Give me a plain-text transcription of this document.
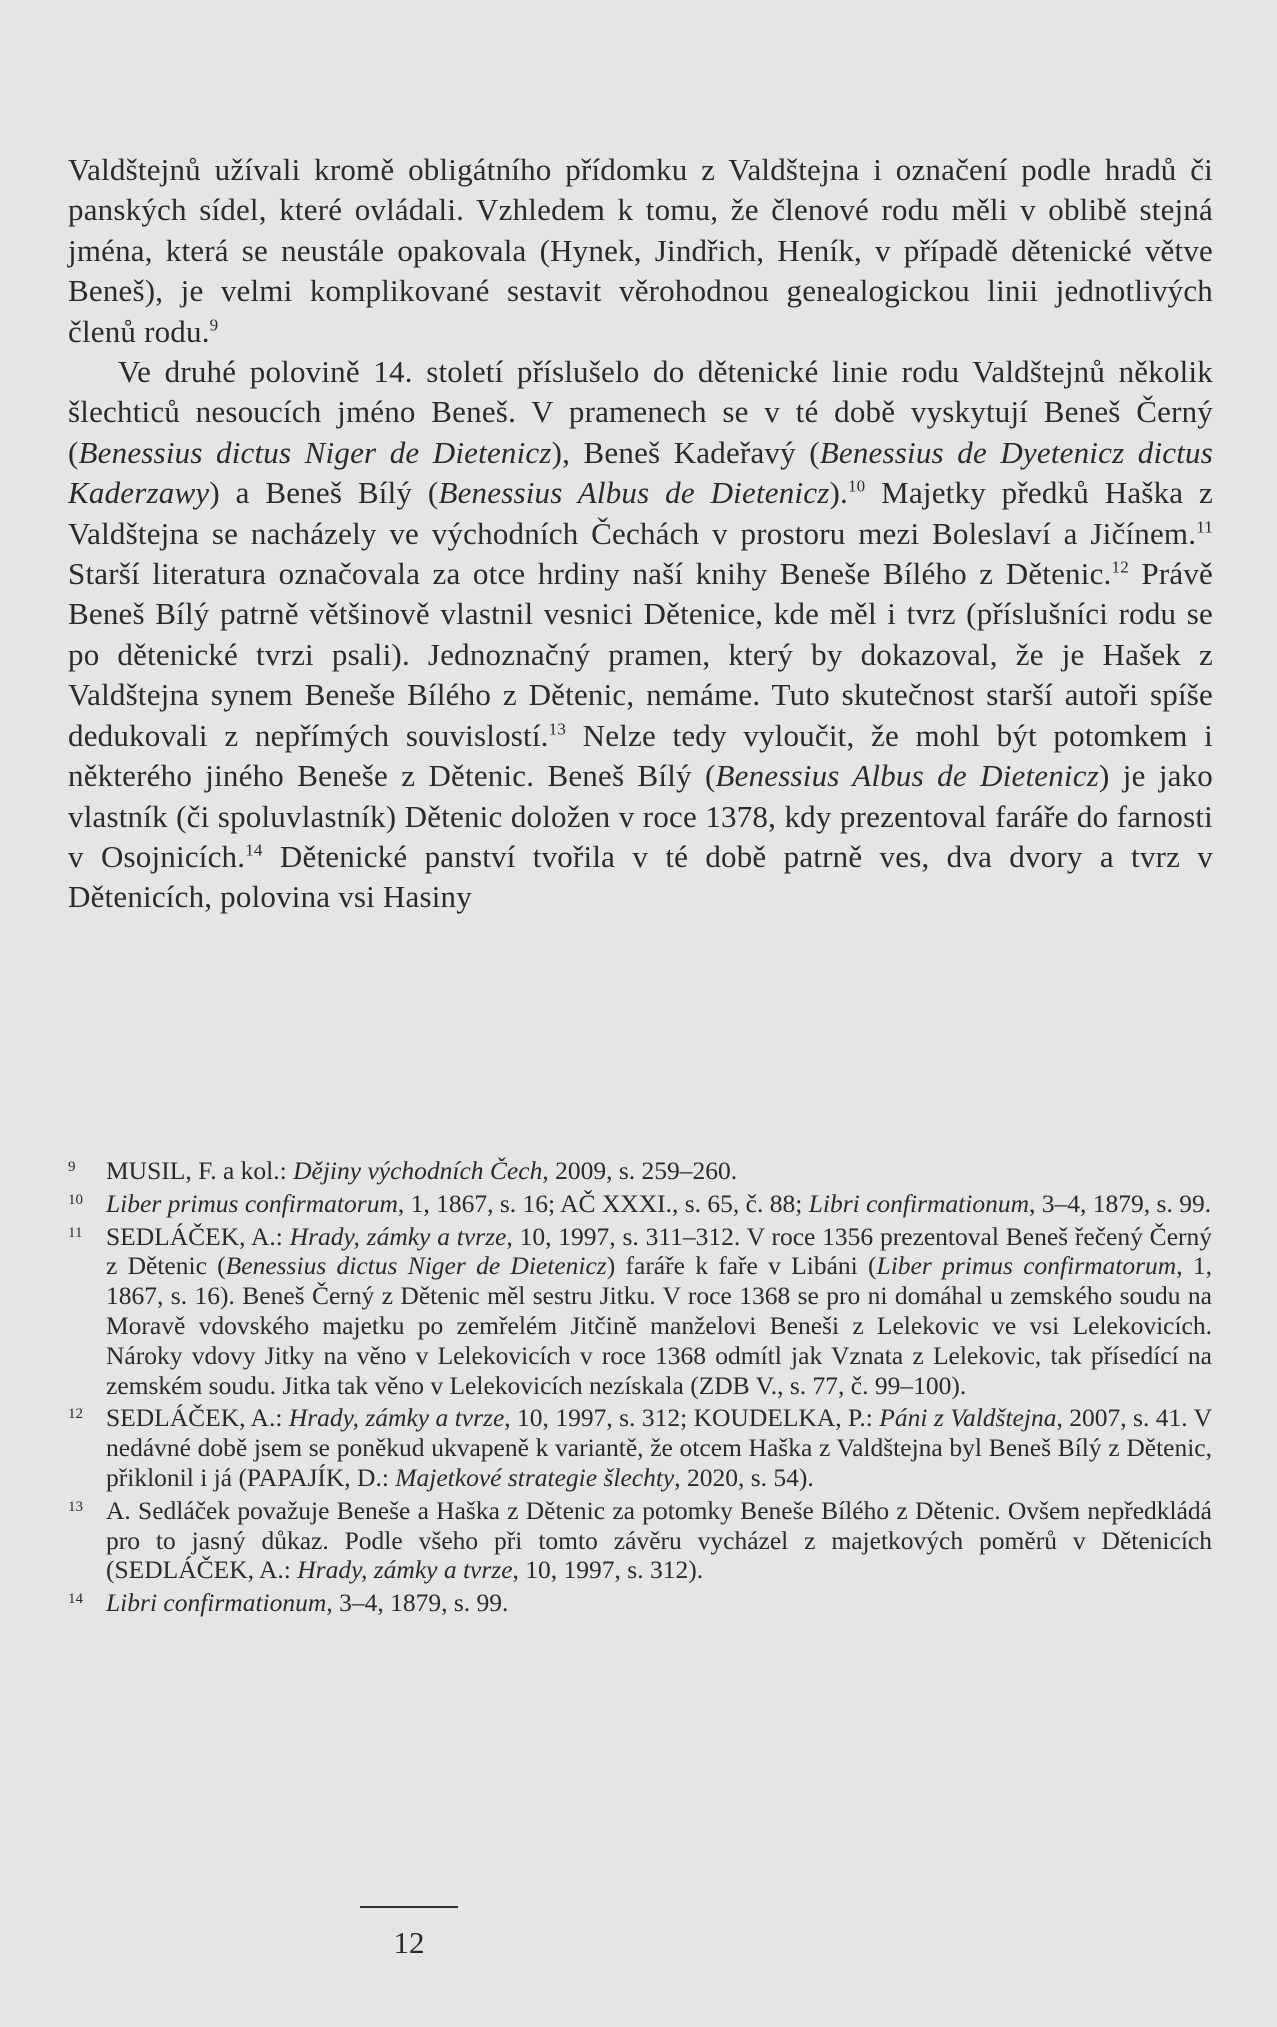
Valdštejnů užívali kromě obligátního přídomku z Valdštejna i označení podle hradů či panských sídel, které ovládali. Vzhledem k tomu, že členové rodu měli v oblibě stejná jména, která se neustále opakovala (Hynek, Jindřich, Heník, v případě dětenické větve Beneš), je velmi komplikované sestavit věrohodnou genealogickou linii jednotlivých členů rodu.$^9$

Ve druhé polovině 14. století příslušelo do dětenické linie rodu Valdštejnů několik šlechticů nesoucích jméno Beneš. V pramenech se v té době vyskytují Beneš Černý (Benessius dictus Niger de Dietenicz), Beneš Kadeřavý (Benessius de Dyetenicz dictus Kaderzawy) a Beneš Bílý (Benessius Albus de Dietenicz).$^{10}$ Majetky předků Haška z Valdštejna se nacházely ve východních Čechách v prostoru mezi Boleslaví a Jičínem.$^{11}$ Starší literatura označovala za otce hrdiny naší knihy Beneše Bílého z Dětenic.$^{12}$ Právě Beneš Bílý patrně většinově vlastnil vesnici Dětenice, kde měl i tvrz (příslušníci rodu se po dětenické tvrzi psali). Jednoznačný pramen, který by dokazoval, že je Hašek z Valdštejna synem Beneše Bílého z Dětenic, nemáme. Tuto skutečnost starší autoři spíše dedukovali z nepřímých souvislostí.$^{13}$ Nelze tedy vyloučit, že mohl být potomkem i některého jiného Beneše z Dětenic. Beneš Bílý (Benessius Albus de Dietenicz) je jako vlastník (či spoluvlastník) Dětenic doložen v roce 1378, kdy prezentoval faráře do farnosti v Osojnicích.$^{14}$ Dětenické panství tvořila v té době patrně ves, dva dvory a tvrz v Dětenicích, polovina vsi Hasiny

9	MUSIL, F. a kol.: Dějiny východních Čech, 2009, s. 259–260.
10 Liber primus confirmatorum, 1, 1867, s. 16; AČ XXXI., s. 65, č. 88; Libri confirmationum, 3–4, 1879, s. 99.
11 SEDLÁČEK, A.: Hrady, zámky a tvrze, 10, 1997, s. 311–312. V roce 1356 prezentoval Beneš řečený Černý z Dětenic (Benessius dictus Niger de Dietenicz) faráře k faře v Libáni (Liber primus confirmatorum, 1, 1867, s. 16). Beneš Černý z Dětenic měl sestru Jitku. V roce 1368 se pro ni domáhal u zemského soudu na Moravě vdovského majetku po zemřelém Jitčině manželovi Beneši z Lelekovic ve vsi Lelekovicích. Nároky vdovy Jitky na věno v Lelekovicích v roce 1368 odmítl jak Vznata z Lelekovic, tak přísedící na zemském soudu. Jitka tak věno v Lelekovicích nezískala (ZDB V., s. 77, č. 99–100).
12 SEDLÁČEK, A.: Hrady, zámky a tvrze, 10, 1997, s. 312; KOUDELKA, P.: Páni z Valdštejna, 2007, s. 41. V nedávné době jsem se poněkud ukvapeně k variantě, že otcem Haška z Valdštejna byl Beneš Bílý z Dětenic, přiklonil i já (PAPAJÍK, D.: Majetkové strategie šlechty, 2020, s. 54).
13 A. Sedláček považuje Beneše a Haška z Dětenic za potomky Beneše Bílého z Dětenic. Ovšem nepředkládá pro to jasný důkaz. Podle všeho při tomto závěru vycházel z majetkových poměrů v Dětenicích (SEDLÁČEK, A.: Hrady, zámky a tvrze, 10, 1997, s. 312).
14 Libri confirmationum, 3–4, 1879, s. 99.
12
